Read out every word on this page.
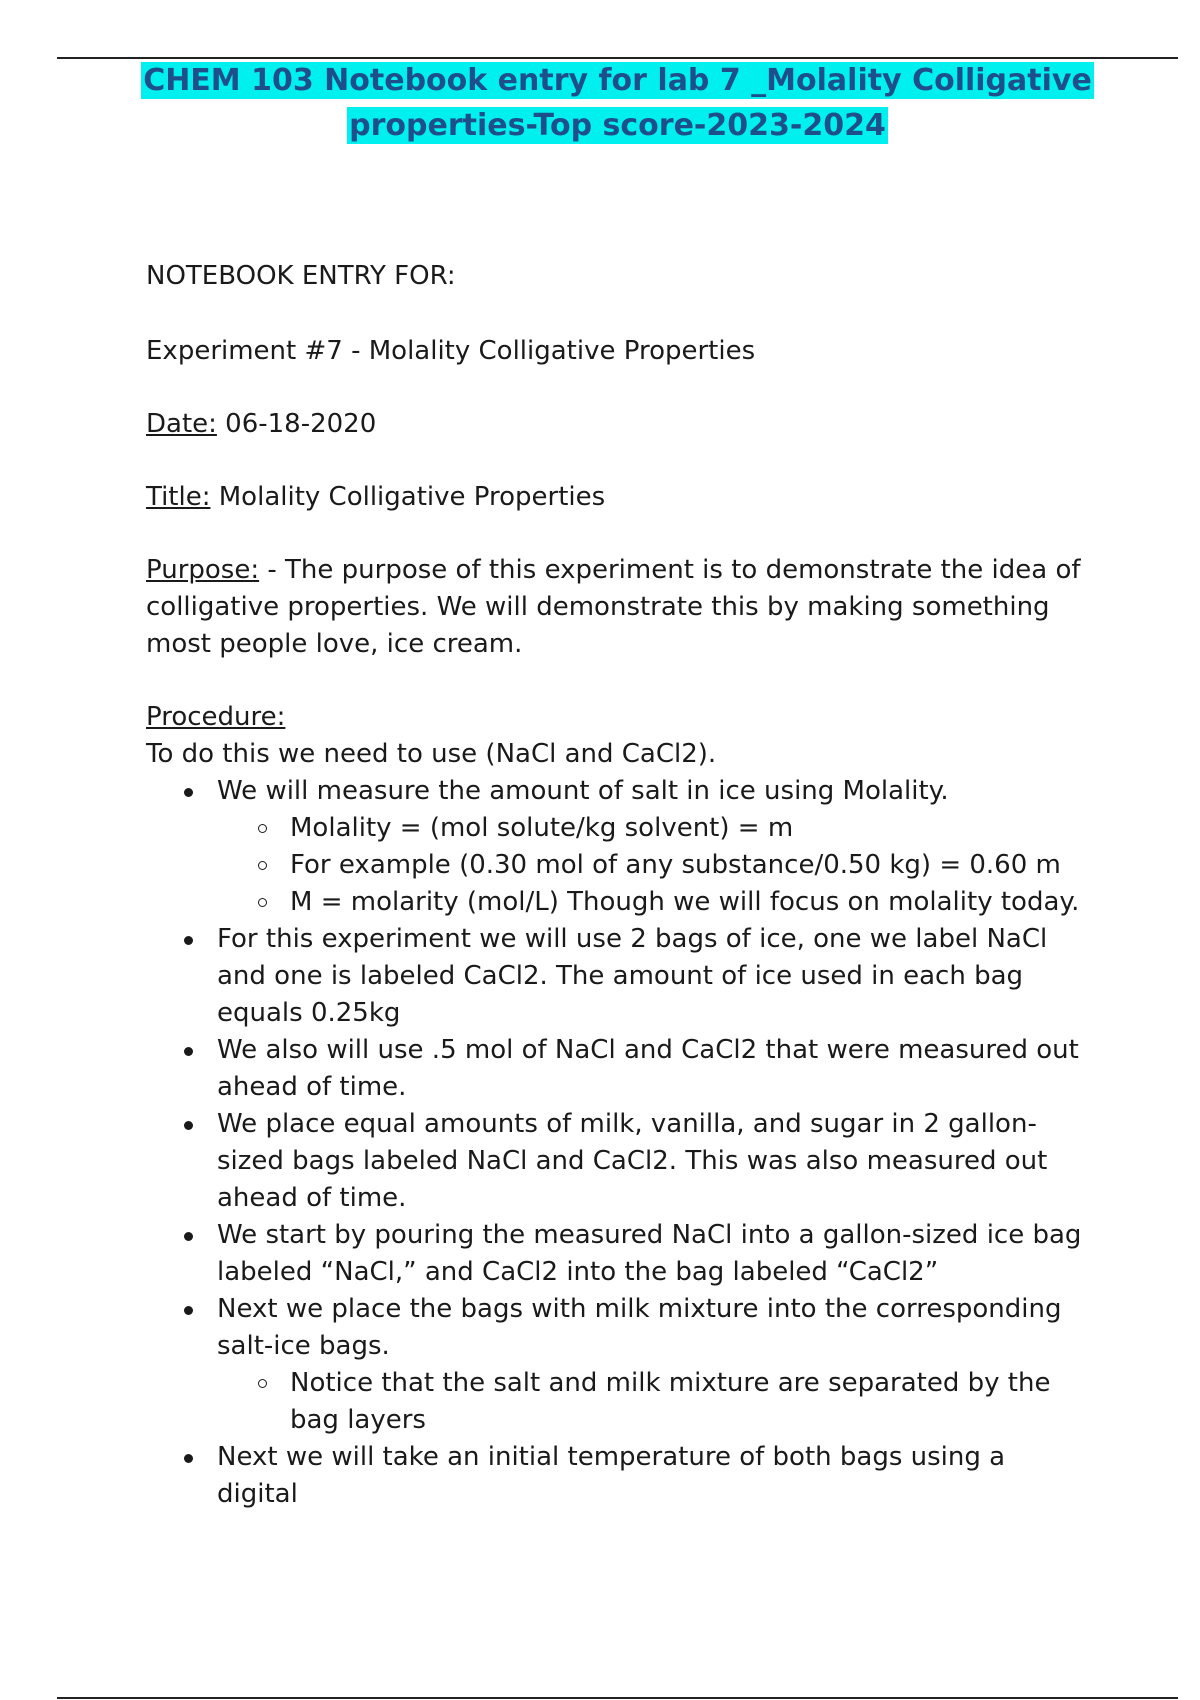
CHEM 103 Notebook entry for lab 7 _Molality Colligative
properties-Top score-2023-2024

NOTEBOOK ENTRY FOR:

Experiment #7 - Molality Colligative Properties

Date: 06-18-2020

Title: Molality Colligative Properties

Purpose: - The purpose of this experiment is to demonstrate the idea of colligative properties. We will demonstrate this by making something most people love, ice cream.

Procedure:

To do this we need to use (NaCl and CaCl2).

We will measure the amount of salt in ice using Molality.
Molality = (mol solute/kg solvent) = m
For example (0.30 mol of any substance/0.50 kg) = 0.60 m
M = molarity (mol/L) Though we will focus on molality today.
For this experiment we will use 2 bags of ice, one we label NaCl and one is labeled CaCl2. The amount of ice used in each bag equals 0.25kg
We also will use .5 mol of NaCl and CaCl2 that were measured out ahead of time.
We place equal amounts of milk, vanilla, and sugar in 2 gallon-sized bags labeled NaCl and CaCl2. This was also measured out ahead of time.
We start by pouring the measured NaCl into a gallon-sized ice bag labeled “NaCl,” and CaCl2 into the bag labeled “CaCl2”
Next we place the bags with milk mixture into the corresponding salt-ice bags.
Notice that the salt and milk mixture are separated by the bag layers
Next we will take an initial temperature of both bags using a digital
